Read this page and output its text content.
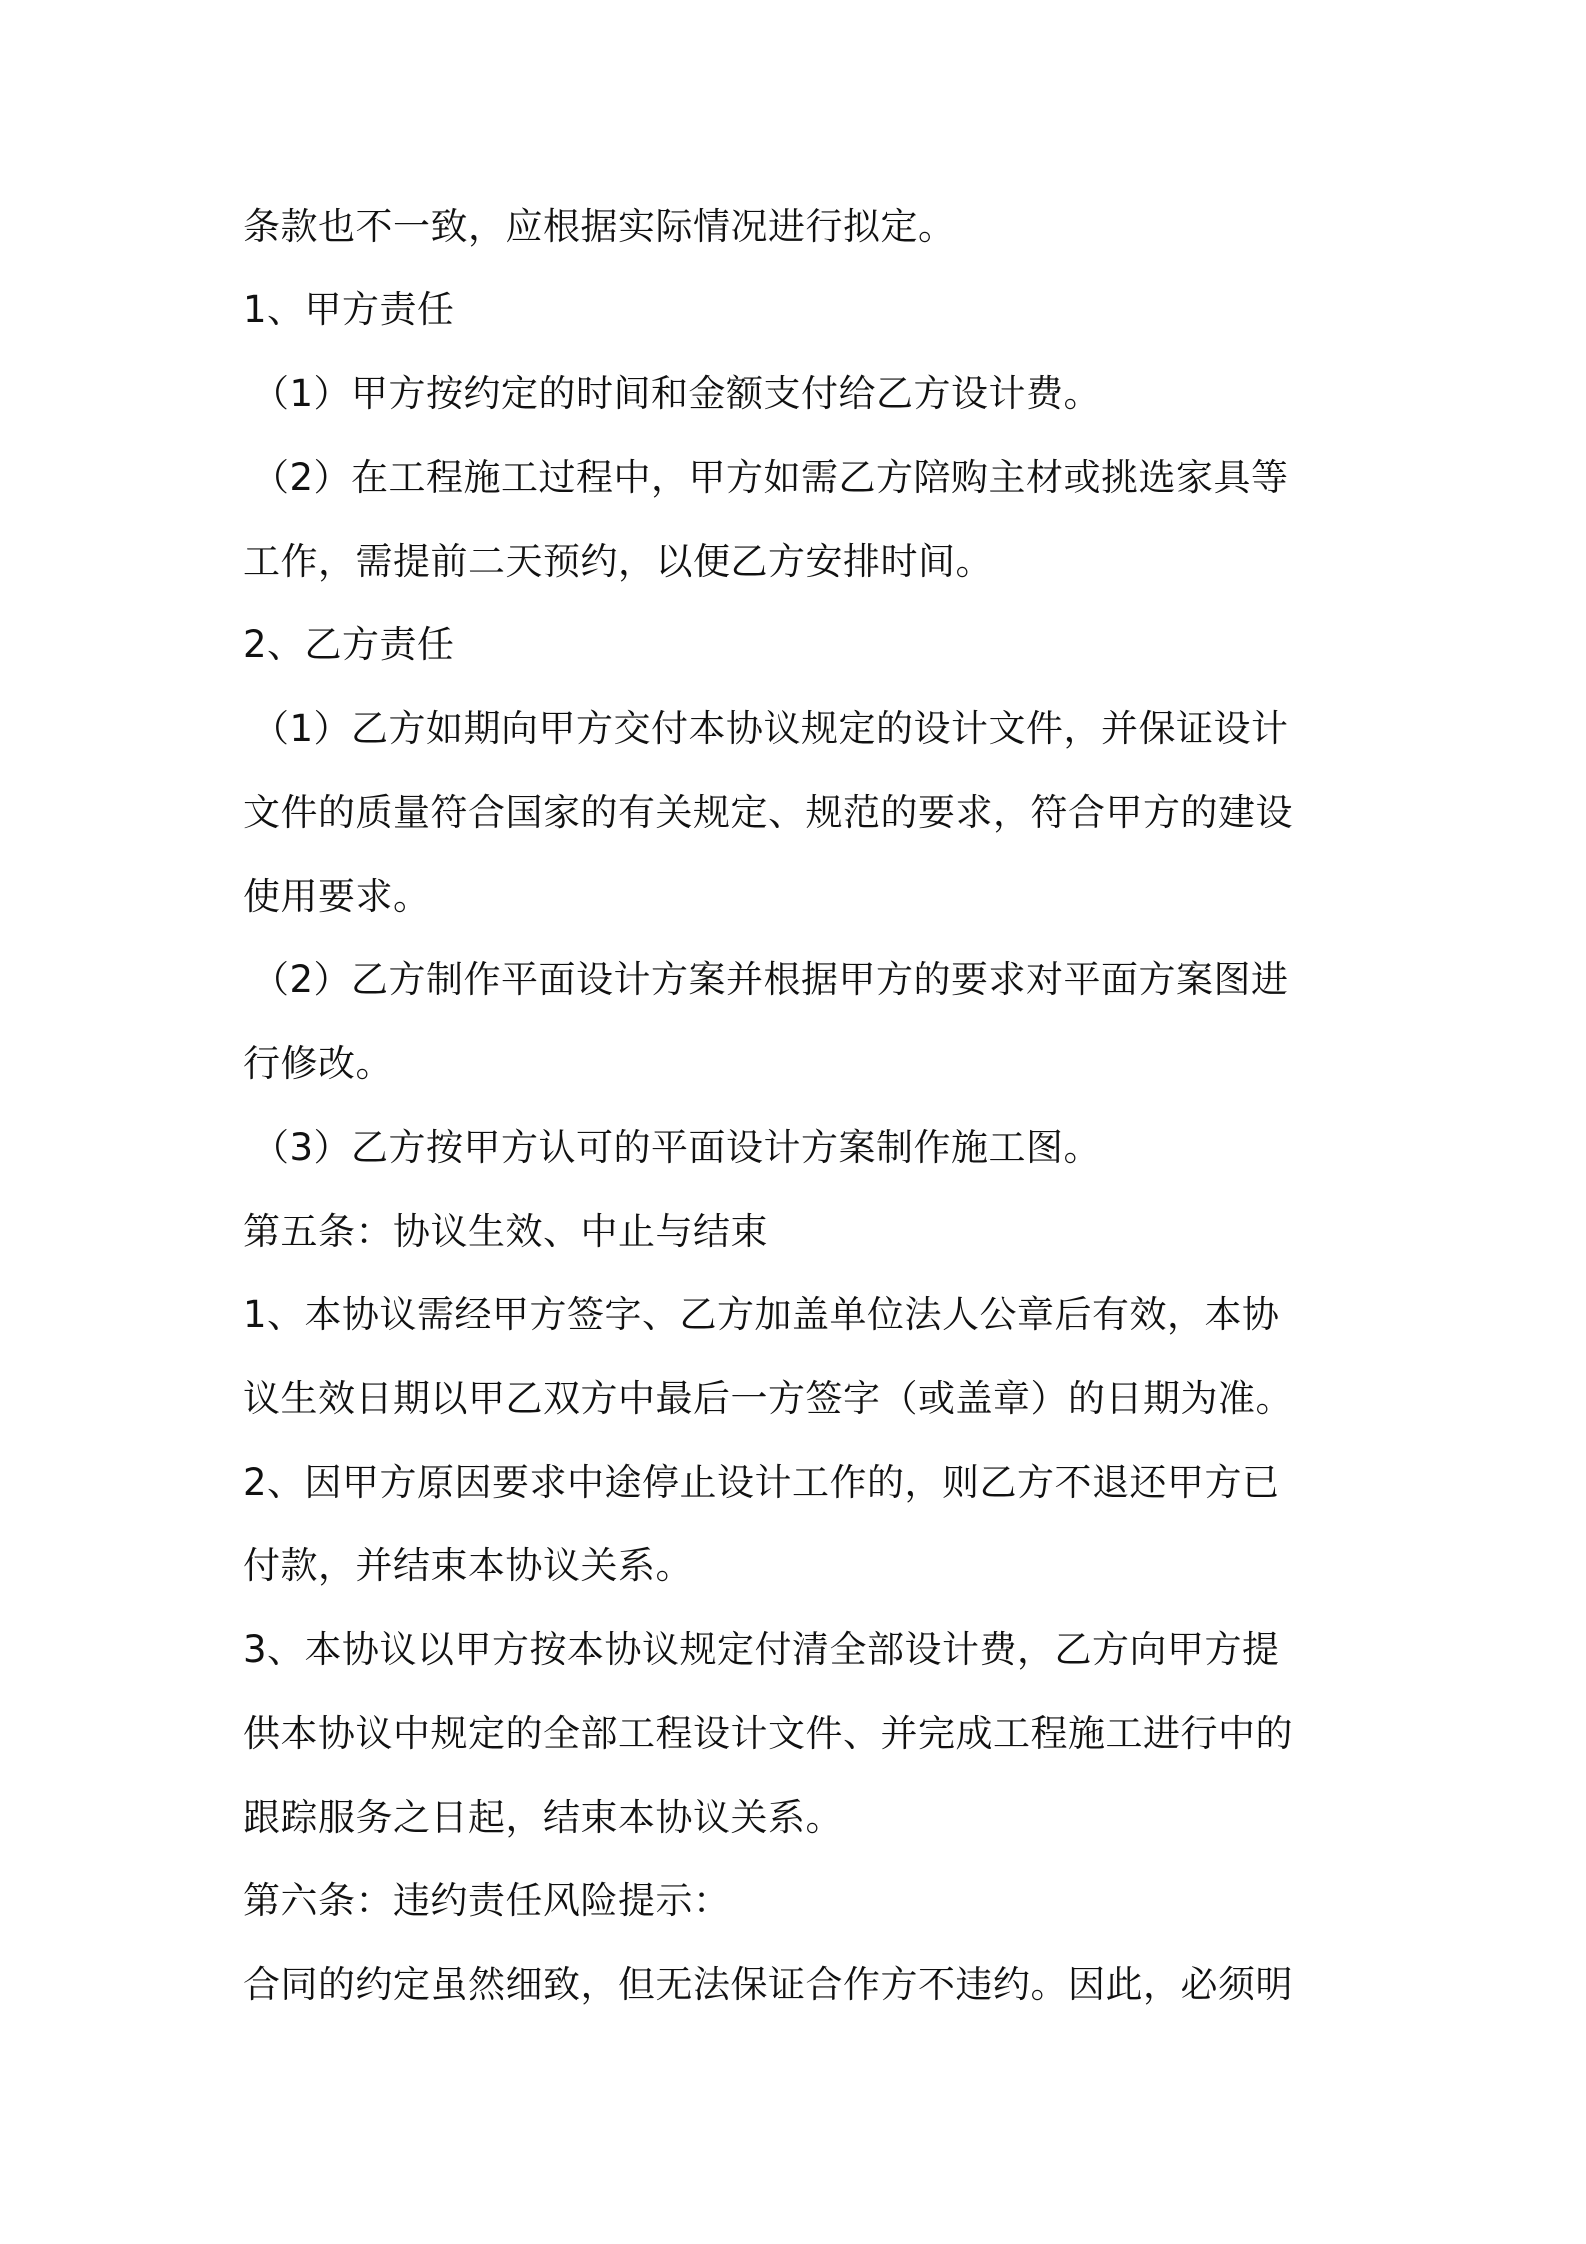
条款也不一致，应根据实际情况进行拟定。
1、甲方责任
（1）甲方按约定的时间和金额支付给乙方设计费。
（2）在工程施工过程中，甲方如需乙方陪购主材或挑选家具等
工作，需提前二天预约，以便乙方安排时间。
2、乙方责任
（1）乙方如期向甲方交付本协议规定的设计文件，并保证设计
文件的质量符合国家的有关规定、规范的要求，符合甲方的建设
使用要求。
（2）乙方制作平面设计方案并根据甲方的要求对平面方案图进
行修改。
（3）乙方按甲方认可的平面设计方案制作施工图。
第五条：协议生效、中止与结束
1、本协议需经甲方签字、乙方加盖单位法人公章后有效，本协
议生效日期以甲乙双方中最后一方签字（或盖章）的日期为准。
2、因甲方原因要求中途停止设计工作的，则乙方不退还甲方已
付款，并结束本协议关系。
3、本协议以甲方按本协议规定付清全部设计费，乙方向甲方提
供本协议中规定的全部工程设计文件、并完成工程施工进行中的
跟踪服务之日起，结束本协议关系。
第六条：违约责任风险提示：
合同的约定虽然细致，但无法保证合作方不违约。因此，必须明
